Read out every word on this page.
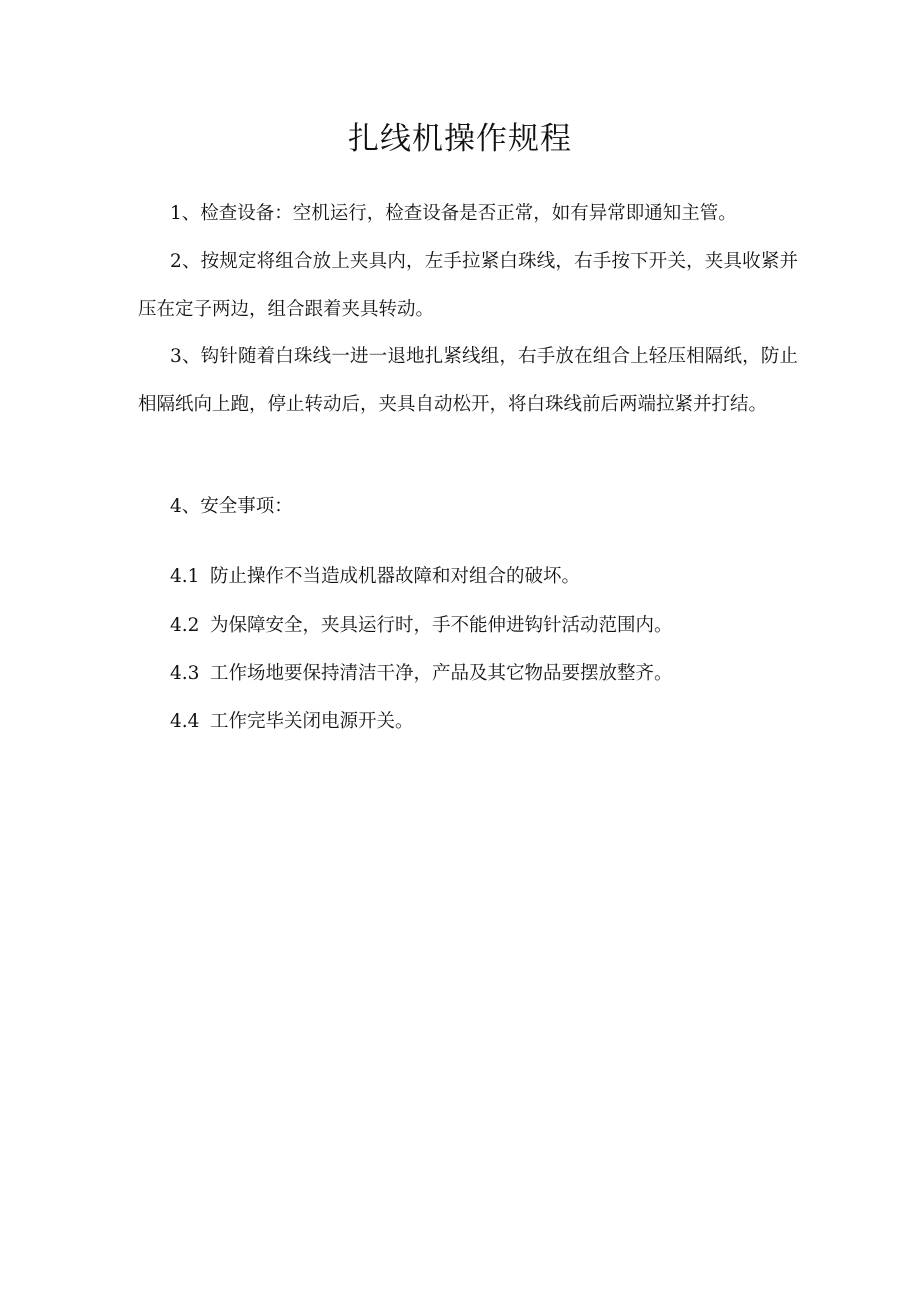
扎线机操作规程

1、检查设备：空机运行，检查设备是否正常，如有异常即通知主管。

2、按规定将组合放上夹具内，左手拉紧白珠线，右手按下开关，夹具收紧并压在定子两边，组合跟着夹具转动。

3、钩针随着白珠线一进一退地扎紧线组，右手放在组合上轻压相隔纸，防止相隔纸向上跑，停止转动后，夹具自动松开，将白珠线前后两端拉紧并打结。

4、安全事项：

4.1 防止操作不当造成机器故障和对组合的破坏。
4.2 为保障安全，夹具运行时，手不能伸进钩针活动范围内。
4.3 工作场地要保持清洁干净，产品及其它物品要摆放整齐。
4.4 工作完毕关闭电源开关。
